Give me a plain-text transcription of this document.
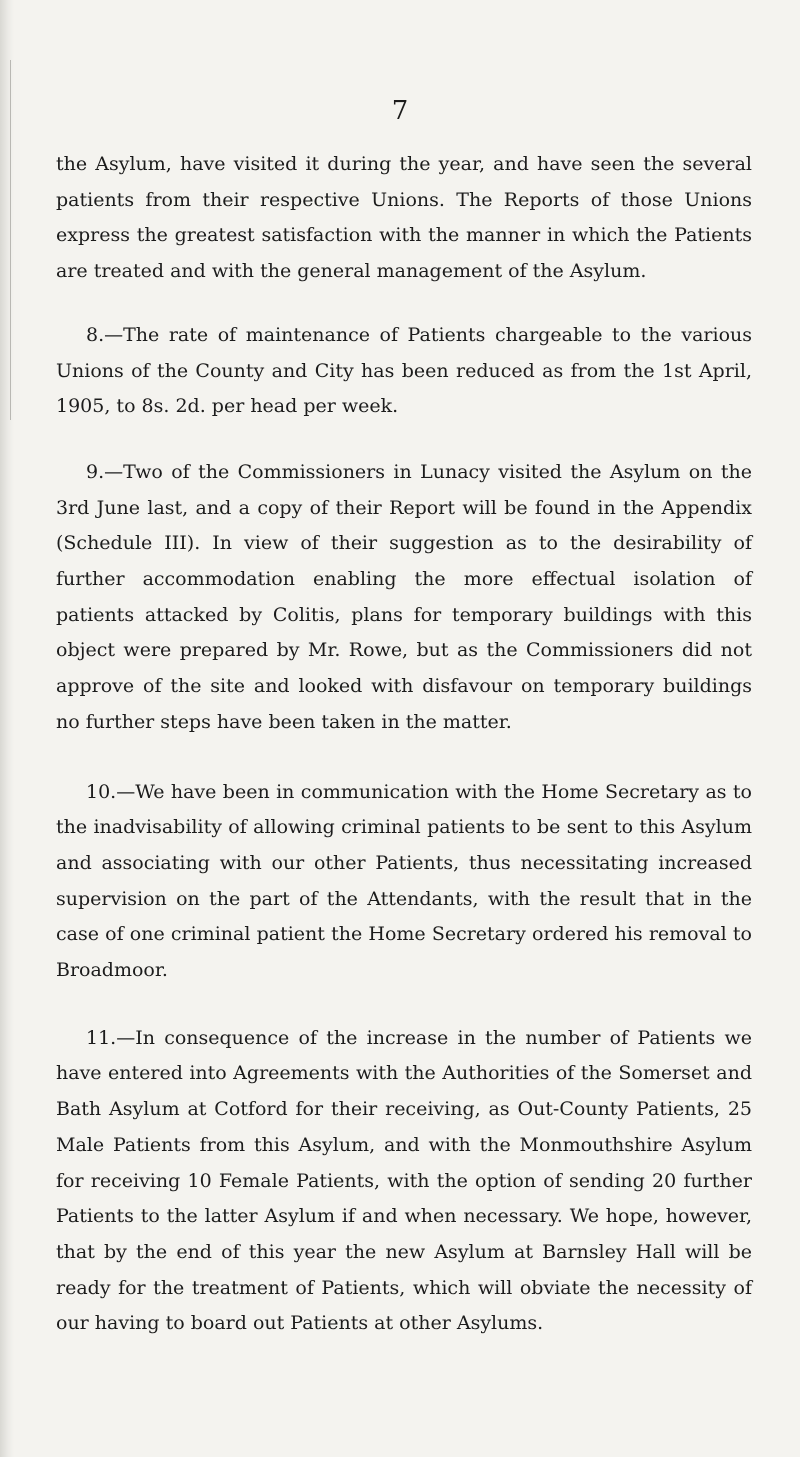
7

the Asylum, have visited it during the year, and have seen the several patients from their respective Unions. The Reports of those Unions express the greatest satisfaction with the manner in which the Patients are treated and with the general management of the Asylum.

8.—The rate of maintenance of Patients chargeable to the various Unions of the County and City has been reduced as from the 1st April, 1905, to 8s. 2d. per head per week.

9.—Two of the Commissioners in Lunacy visited the Asylum on the 3rd June last, and a copy of their Report will be found in the Appendix (Schedule III). In view of their suggestion as to the desirability of further accommodation enabling the more effectual isolation of patients attacked by Colitis, plans for temporary buildings with this object were prepared by Mr. Rowe, but as the Commissioners did not approve of the site and looked with disfavour on temporary buildings no further steps have been taken in the matter.

10.—We have been in communication with the Home Secretary as to the inadvisability of allowing criminal patients to be sent to this Asylum and associating with our other Patients, thus necessitating increased supervision on the part of the Attendants, with the result that in the case of one criminal patient the Home Secretary ordered his removal to Broadmoor.

11.—In consequence of the increase in the number of Patients we have entered into Agreements with the Authorities of the Somerset and Bath Asylum at Cotford for their receiving, as Out-County Patients, 25 Male Patients from this Asylum, and with the Monmouthshire Asylum for receiving 10 Female Patients, with the option of sending 20 further Patients to the latter Asylum if and when necessary. We hope, however, that by the end of this year the new Asylum at Barnsley Hall will be ready for the treatment of Patients, which will obviate the necessity of our having to board out Patients at other Asylums.
